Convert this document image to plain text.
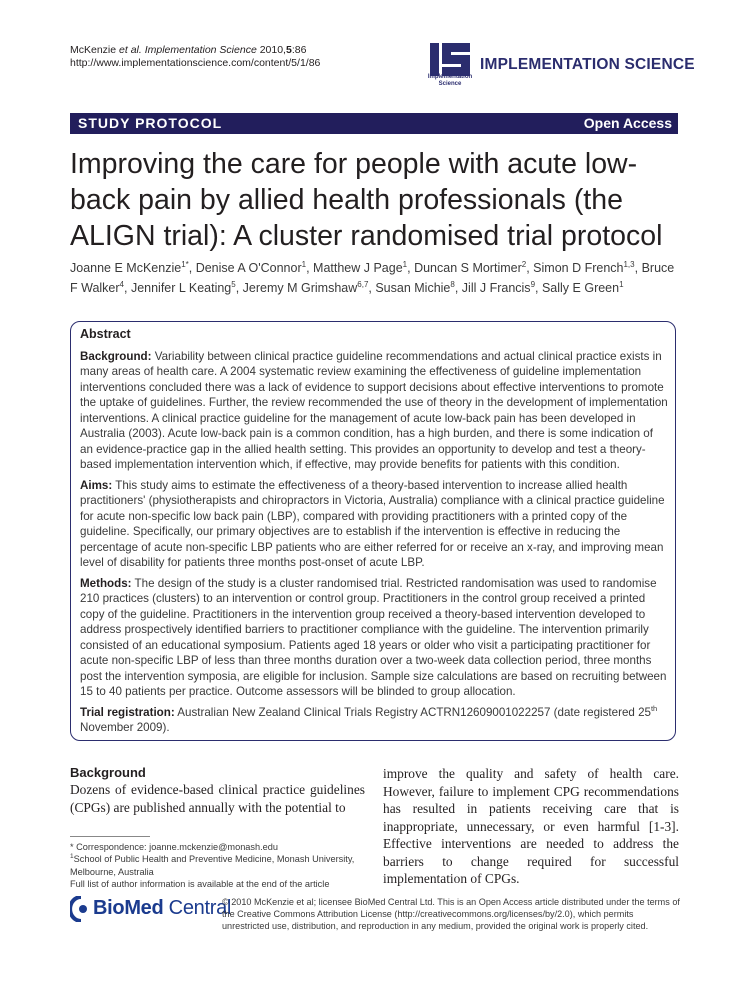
McKenzie et al. Implementation Science 2010,5:86
http://www.implementationscience.com/content/5/1/86
Implementation
Science
IMPLEMENTATION SCIENCE
STUDY PROTOCOL	Open Access
Improving the care for people with acute low-back pain by allied health professionals (the ALIGN trial): A cluster randomised trial protocol
Joanne E McKenzie$^{1*}$, Denise A O'Connor$^1$, Matthew J Page$^1$, Duncan S Mortimer$^2$, Simon D French$^{1,3}$, Bruce F Walker$^4$, Jennifer L Keating$^5$, Jeremy M Grimshaw$^{6,7}$, Susan Michie$^8$, Jill J Francis$^9$, Sally E Green$^1$
Abstract

Background: Variability between clinical practice guideline recommendations and actual clinical practice exists in many areas of health care. A 2004 systematic review examining the effectiveness of guideline implementation interventions concluded there was a lack of evidence to support decisions about effective interventions to promote the uptake of guidelines. Further, the review recommended the use of theory in the development of implementation interventions. A clinical practice guideline for the management of acute low-back pain has been developed in Australia (2003). Acute low-back pain is a common condition, has a high burden, and there is some indication of an evidence-practice gap in the allied health setting. This provides an opportunity to develop and test a theory-based implementation intervention which, if effective, may provide benefits for patients with this condition.

Aims: This study aims to estimate the effectiveness of a theory-based intervention to increase allied health practitioners' (physiotherapists and chiropractors in Victoria, Australia) compliance with a clinical practice guideline for acute non-specific low back pain (LBP), compared with providing practitioners with a printed copy of the guideline. Specifically, our primary objectives are to establish if the intervention is effective in reducing the percentage of acute non-specific LBP patients who are either referred for or receive an x-ray, and improving mean level of disability for patients three months post-onset of acute LBP.

Methods: The design of the study is a cluster randomised trial. Restricted randomisation was used to randomise 210 practices (clusters) to an intervention or control group. Practitioners in the control group received a printed copy of the guideline. Practitioners in the intervention group received a theory-based intervention developed to address prospectively identified barriers to practitioner compliance with the guideline. The intervention primarily consisted of an educational symposium. Patients aged 18 years or older who visit a participating practitioner for acute non-specific LBP of less than three months duration over a two-week data collection period, three months post the intervention symposia, are eligible for inclusion. Sample size calculations are based on recruiting between 15 to 40 patients per practice. Outcome assessors will be blinded to group allocation.

Trial registration: Australian New Zealand Clinical Trials Registry ACTRN12609001022257 (date registered 25th November 2009).

Background
Dozens of evidence-based clinical practice guidelines (CPGs) are published annually with the potential to
improve the quality and safety of health care. However, failure to implement CPG recommendations has resulted in patients receiving care that is inappropriate, unnecessary, or even harmful [1-3]. Effective interventions are needed to address the barriers to change required for successful implementation of CPGs.
* Correspondence: joanne.mckenzie@monash.edu
$^1$School of Public Health and Preventive Medicine, Monash University, Melbourne, Australia
Full list of author information is available at the end of the article
BioMed Central
© 2010 McKenzie et al; licensee BioMed Central Ltd. This is an Open Access article distributed under the terms of the Creative Commons Attribution License (http://creativecommons.org/licenses/by/2.0), which permits unrestricted use, distribution, and reproduction in any medium, provided the original work is properly cited.
